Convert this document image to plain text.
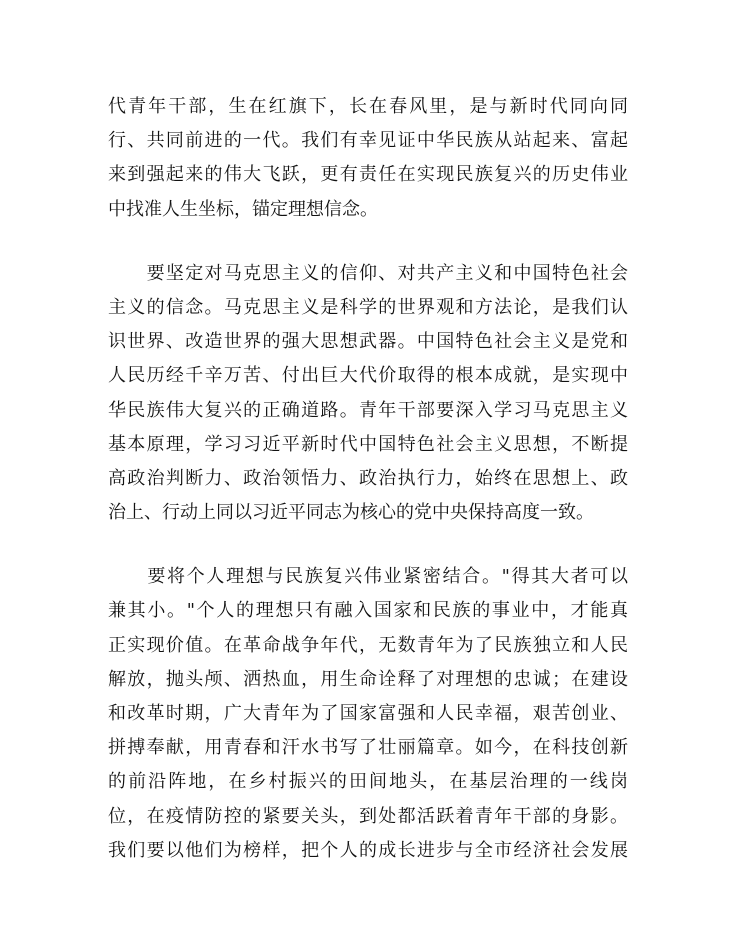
代青年干部，生在红旗下，长在春风里，是与新时代同向同
行、共同前进的一代。我们有幸见证中华民族从站起来、富起
来到强起来的伟大飞跃，更有责任在实现民族复兴的历史伟业
中找准人生坐标，锚定理想信念。
　　要坚定对马克思主义的信仰、对共产主义和中国特色社会
主义的信念。马克思主义是科学的世界观和方法论，是我们认
识世界、改造世界的强大思想武器。中国特色社会主义是党和
人民历经千辛万苦、付出巨大代价取得的根本成就，是实现中
华民族伟大复兴的正确道路。青年干部要深入学习马克思主义
基本原理，学习习近平新时代中国特色社会主义思想，不断提
高政治判断力、政治领悟力、政治执行力，始终在思想上、政
治上、行动上同以习近平同志为核心的党中央保持高度一致。
　　要将个人理想与民族复兴伟业紧密结合。"得其大者可以
兼其小。"个人的理想只有融入国家和民族的事业中，才能真
正实现价值。在革命战争年代，无数青年为了民族独立和人民
解放，抛头颅、洒热血，用生命诠释了对理想的忠诚；在建设
和改革时期，广大青年为了国家富强和人民幸福，艰苦创业、
拼搏奉献，用青春和汗水书写了壮丽篇章。如今，在科技创新
的前沿阵地，在乡村振兴的田间地头，在基层治理的一线岗
位，在疫情防控的紧要关头，到处都活跃着青年干部的身影。
我们要以他们为榜样，把个人的成长进步与全市经济社会发展
